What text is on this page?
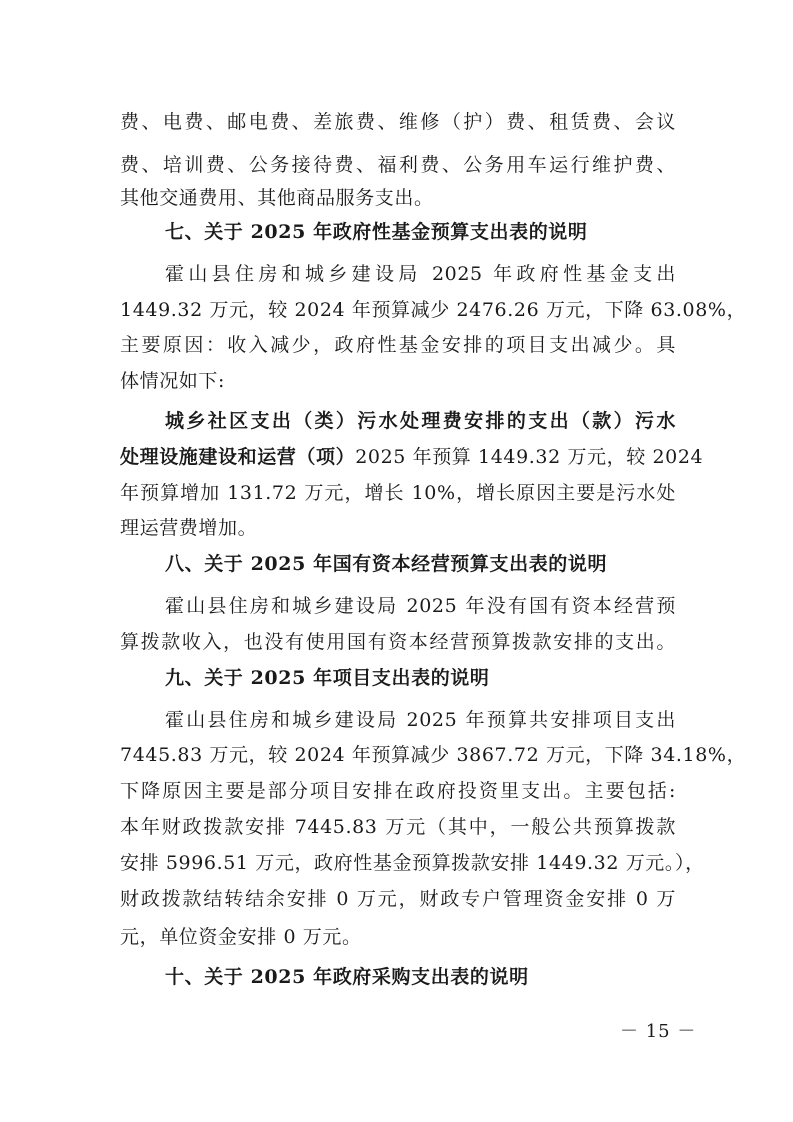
费、电费、邮电费、差旅费、维修（护）费、租赁费、会议
费、培训费、公务接待费、福利费、公务用车运行维护费、
其他交通费用、其他商品服务支出。
七、关于 2025 年政府性基金预算支出表的说明
霍山县住房和城乡建设局 2025 年政府性基金支出
1449.32 万元，较 2024 年预算减少 2476.26 万元，下降 63.08%，
主要原因：收入减少，政府性基金安排的项目支出减少。具
体情况如下:
城乡社区支出（类）污水处理费安排的支出（款）污水
处理设施建设和运营（项）2025 年预算 1449.32 万元，较 2024
年预算增加 131.72 万元，增长 10%，增长原因主要是污水处
理运营费增加。
八、关于 2025 年国有资本经营预算支出表的说明
霍山县住房和城乡建设局 2025 年没有国有资本经营预
算拨款收入，也没有使用国有资本经营预算拨款安排的支出。
九、关于 2025 年项目支出表的说明
霍山县住房和城乡建设局 2025 年预算共安排项目支出
7445.83 万元，较 2024 年预算减少 3867.72 万元，下降 34.18%，
下降原因主要是部分项目安排在政府投资里支出。主要包括:
本年财政拨款安排 7445.83 万元（其中，一般公共预算拨款
安排 5996.51 万元，政府性基金预算拨款安排 1449.32 万元。），
财政拨款结转结余安排 0 万元，财政专户管理资金安排 0 万
元，单位资金安排 0 万元。
十、关于 2025 年政府采购支出表的说明
－ 15 －
